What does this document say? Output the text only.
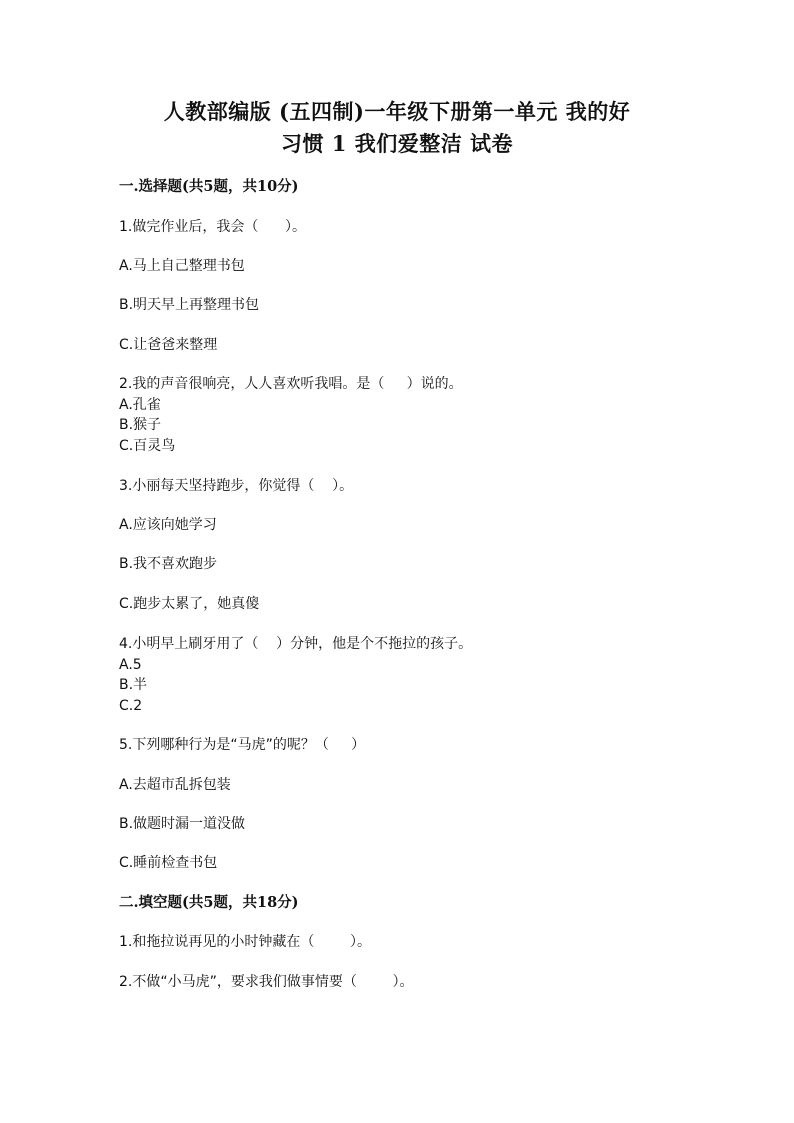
人教部编版 (五四制)一年级下册第一单元 我的好
习惯 1 我们爱整洁 试卷
一.选择题(共5题，共10分)
1.做完作业后，我会（      ）。
A.马上自己整理书包
B.明天早上再整理书包
C.让爸爸来整理
2.我的声音很响亮，人人喜欢听我唱。是（     ）说的。
A.孔雀
B.猴子
C.百灵鸟
3.小丽每天坚持跑步，你觉得（    ）。
A.应该向她学习
B.我不喜欢跑步
C.跑步太累了，她真傻
4.小明早上刷牙用了（    ）分钟，他是个不拖拉的孩子。
A.5
B.半
C.2
5.下列哪种行为是“马虎”的呢？（     ）
A.去超市乱拆包装
B.做题时漏一道没做
C.睡前检查书包
二.填空题(共5题，共18分)
1.和拖拉说再见的小时钟藏在（        ）。
2.不做“小马虎”，要求我们做事情要（        ）。
